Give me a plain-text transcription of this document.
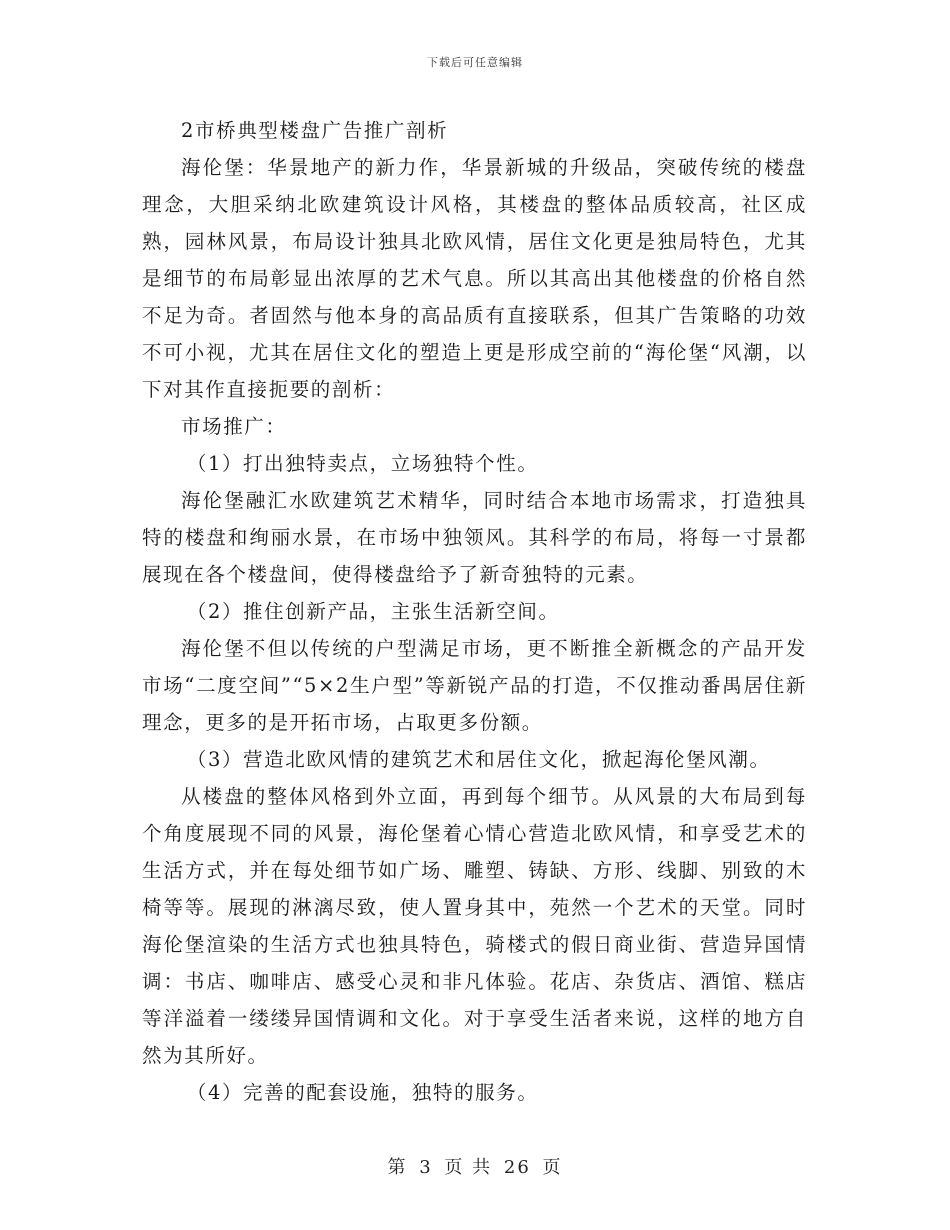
下载后可任意编辑

2市桥典型楼盘广告推广剖析

海伦堡：华景地产的新力作，华景新城的升级品，突破传统的楼盘理念，大胆采纳北欧建筑设计风格，其楼盘的整体品质较高，社区成熟，园林风景，布局设计独具北欧风情，居住文化更是独局特色，尤其是细节的布局彰显出浓厚的艺术气息。所以其高出其他楼盘的价格自然不足为奇。者固然与他本身的高品质有直接联系，但其广告策略的功效不可小视，尤其在居住文化的塑造上更是形成空前的“海伦堡“风潮，以下对其作直接扼要的剖析：

市场推广：

（1）打出独特卖点，立场独特个性。

海伦堡融汇水欧建筑艺术精华，同时结合本地市场需求，打造独具特的楼盘和绚丽水景，在市场中独领风。其科学的布局，将每一寸景都展现在各个楼盘间，使得楼盘给予了新奇独特的元素。

（2）推住创新产品，主张生活新空间。

海伦堡不但以传统的户型满足市场，更不断推全新概念的产品开发市场“二度空间”“5×2生户型”等新锐产品的打造，不仅推动番禺居住新理念，更多的是开拓市场，占取更多份额。

（3）营造北欧风情的建筑艺术和居住文化，掀起海伦堡风潮。

从楼盘的整体风格到外立面，再到每个细节。从风景的大布局到每个角度展现不同的风景，海伦堡着心情心营造北欧风情，和享受艺术的生活方式，并在每处细节如广场、雕塑、铸缺、方形、线脚、别致的木椅等等。展现的淋漓尽致，使人置身其中，苑然一个艺术的天堂。同时海伦堡渲染的生活方式也独具特色，骑楼式的假日商业街、营造异国情调：书店、咖啡店、感受心灵和非凡体验。花店、杂货店、酒馆、糕店等洋溢着一缕缕异国情调和文化。对于享受生活者来说，这样的地方自然为其所好。

（4）完善的配套设施，独特的服务。

第 3 页 共 26 页
